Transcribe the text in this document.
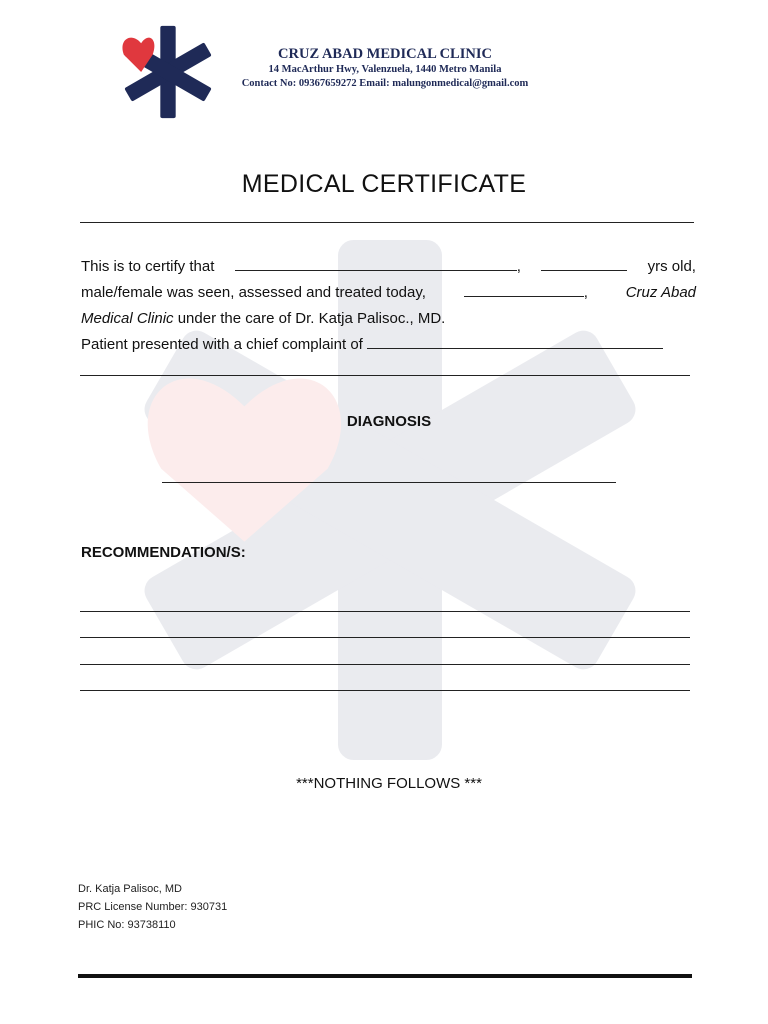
CRUZ ABAD MEDICAL CLINIC
14 MacArthur Hwy, Valenzuela, 1440 Metro Manila
Contact No: 09367659272 Email: malungonmedical@gmail.com
MEDICAL CERTIFICATE

This is to certify that	,	yrs old,

male/female was seen, assessed and treated today,	,	Cruz Abad

Medical Clinic under the care of Dr. Katja Palisoc., MD.

Patient presented with a chief complaint of

DIAGNOSIS
RECOMMENDATION/S:
***NOTHING FOLLOWS ***
Dr. Katja Palisoc, MD
PRC License Number: 930731
PHIC No: 93738110
